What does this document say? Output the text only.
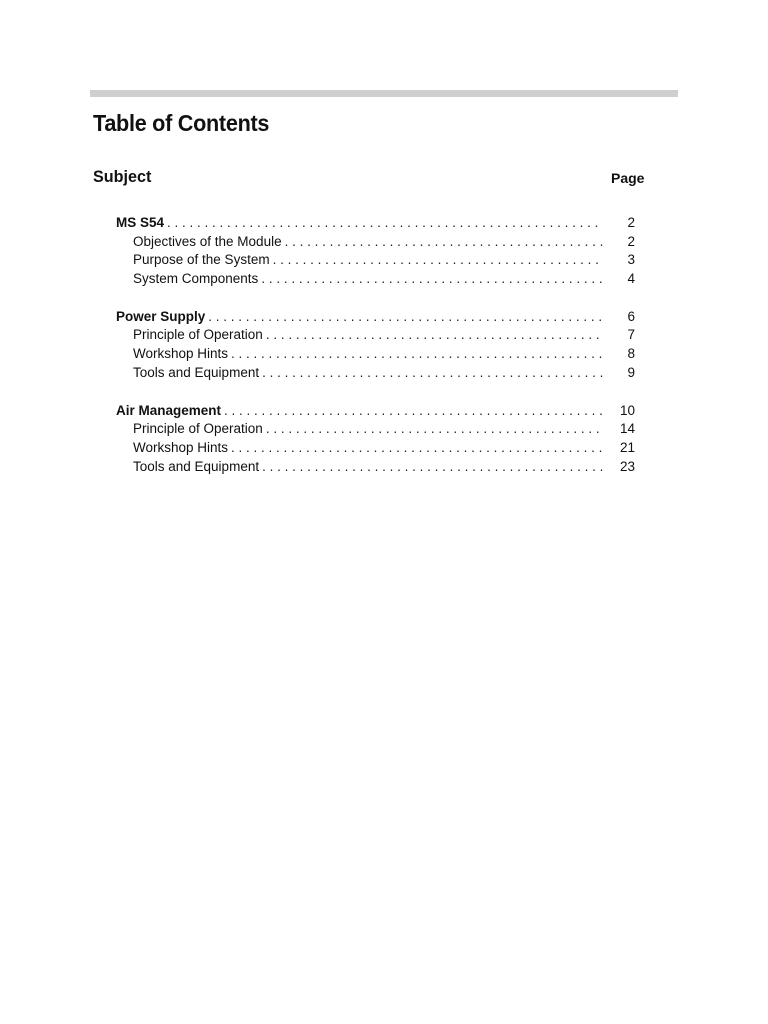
Table of Contents
Subject	Page
MS S54 . . .	2
Objectives of the Module . . .	2
Purpose of the System . . .	3
System Components . . .	4
Power Supply . . .	6
Principle of Operation . . .	7
Workshop Hints . . .	8
Tools and Equipment . . .	9
Air Management . . .	10
Principle of Operation . . .	14
Workshop Hints . . .	21
Tools and Equipment . . .	23
